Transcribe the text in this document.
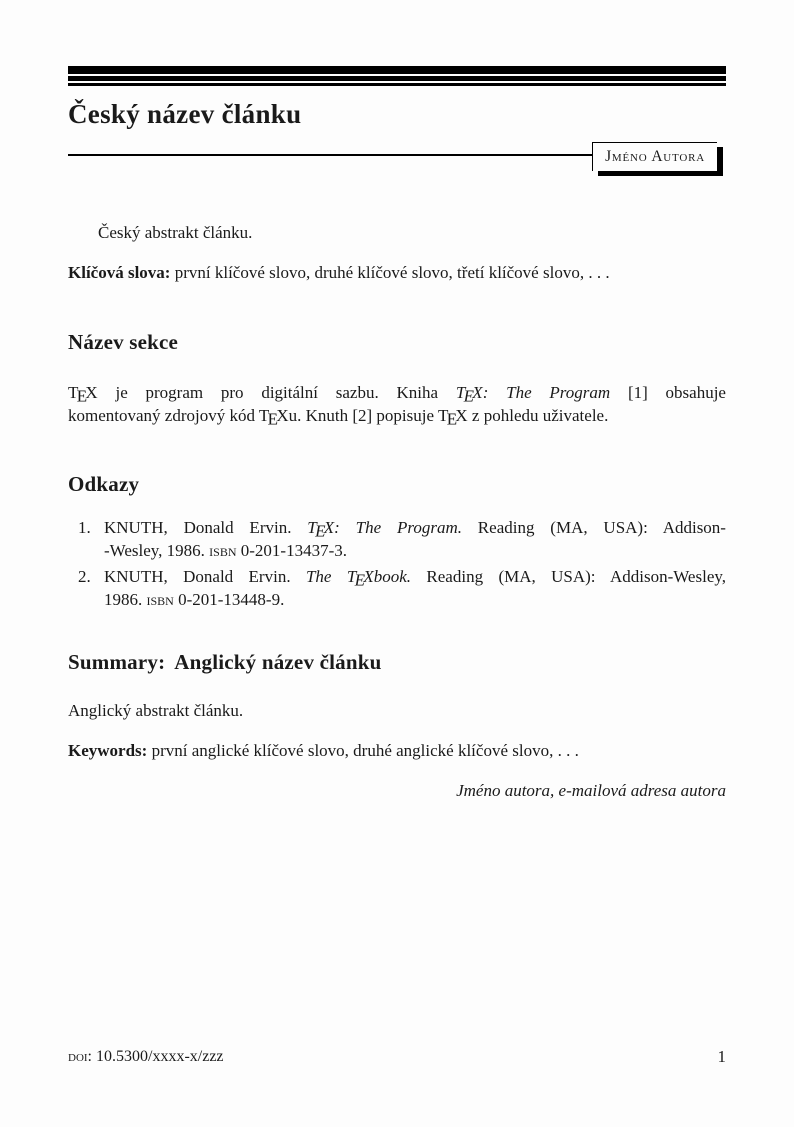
Český název článku
Jméno Autora

Český abstrakt článku.

Klíčová slova: první klíčové slovo, druhé klíčové slovo, třetí klíčové slovo, . . .

Název sekce

TEX je program pro digitální sazbu. Kniha TEX: The Program [1] obsahuje
komentovaný zdrojový kód TEXu. Knuth [2] popisuje TEX z pohledu uživatele.

Odkazy
1. KNUTH, Donald Ervin. TEX: The Program. Reading (MA, USA): Addison-
-Wesley, 1986. isbn 0-201-13437-3.
2. KNUTH, Donald Ervin. The TEXbook. Reading (MA, USA): Addison-Wesley,
1986. isbn 0-201-13448-9.
Summary: Anglický název článku

Anglický abstrakt článku.

Keywords: první anglické klíčové slovo, druhé anglické klíčové slovo, . . .

Jméno autora, e-mailová adresa autora

doi: 10.5300/xxxx-x/zzz	1
